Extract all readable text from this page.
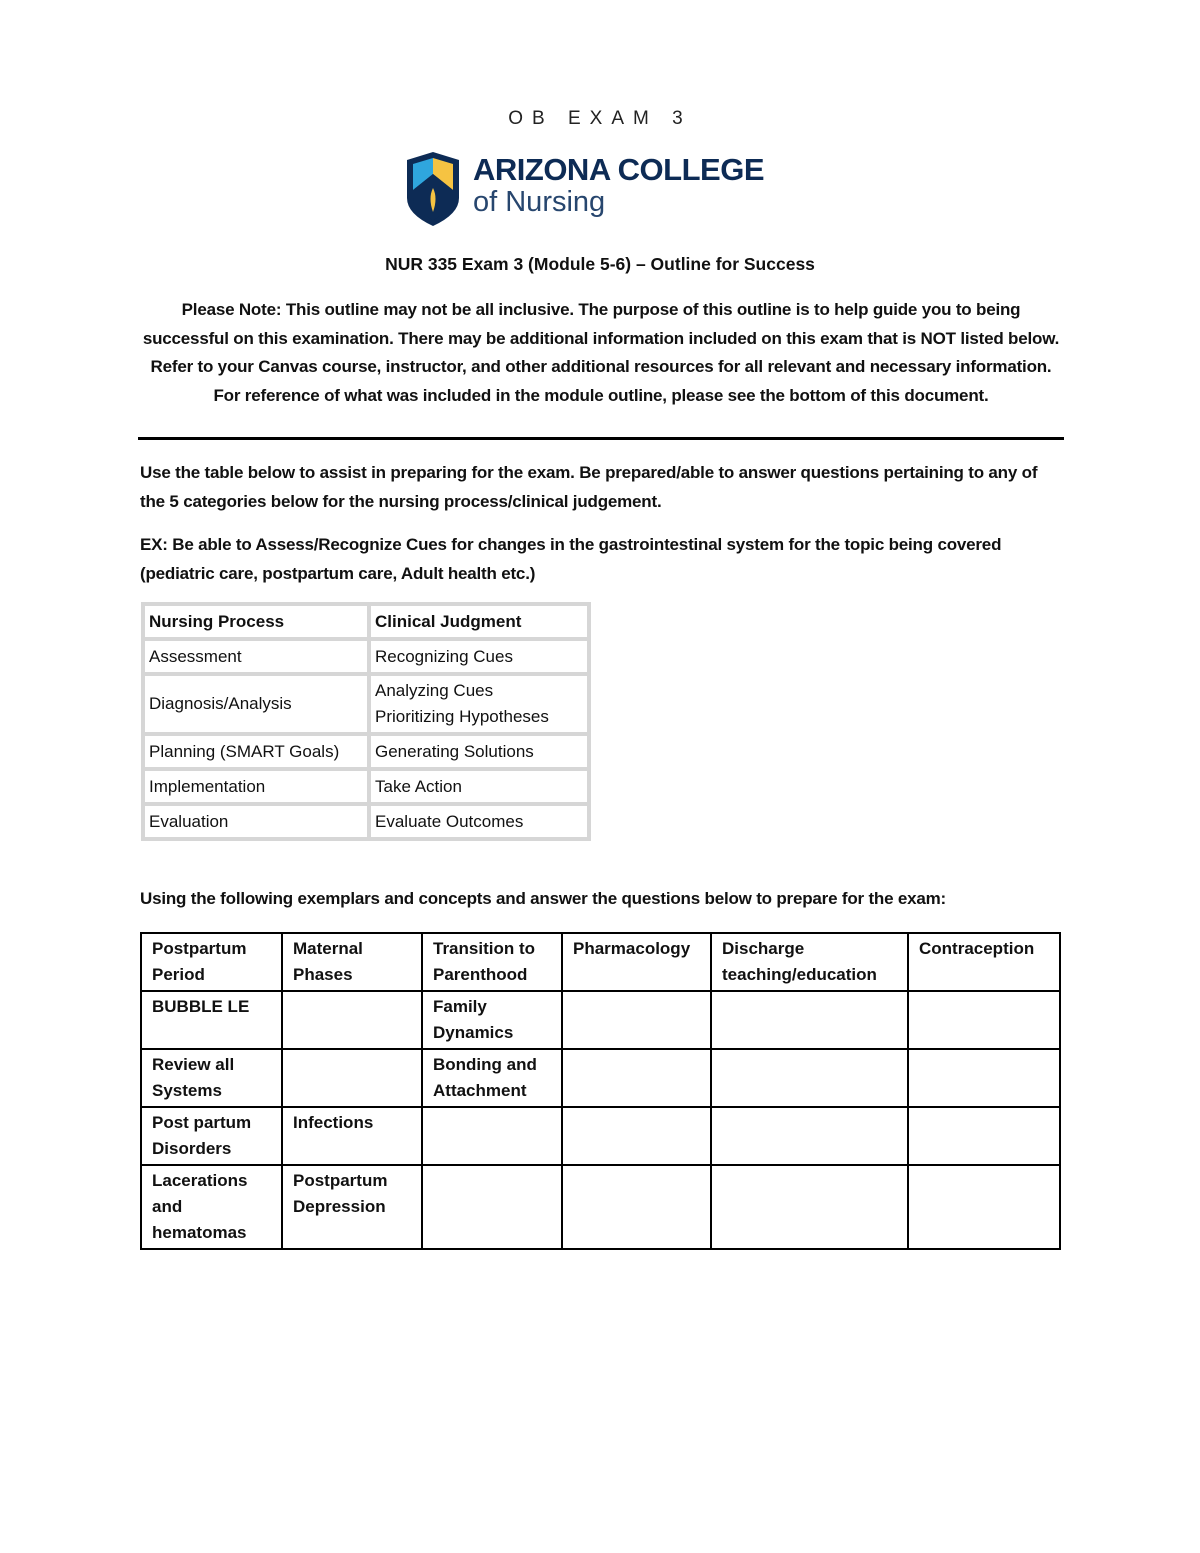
OB EXAM 3
ARIZONA COLLEGE
of Nursing
NUR 335 Exam 3 (Module 5-6) – Outline for Success
Please Note: This outline may not be all inclusive. The purpose of this outline is to help guide you to being successful on this examination. There may be additional information included on this exam that is NOT listed below. Refer to your Canvas course, instructor, and other additional resources for all relevant and necessary information. For reference of what was included in the module outline, please see the bottom of this document.
Use the table below to assist in preparing for the exam. Be prepared/able to answer questions pertaining to any of the 5 categories below for the nursing process/clinical judgement.
EX: Be able to Assess/Recognize Cues for changes in the gastrointestinal system for the topic being covered (pediatric care, postpartum care, Adult health etc.)
Nursing Process	Clinical Judgment
Assessment	Recognizing Cues
Diagnosis/Analysis	Analyzing Cues
Prioritizing Hypotheses

Planning (SMART Goals)	Generating Solutions
Implementation	Take Action
Evaluation	Evaluate Outcomes
Using the following exemplars and concepts and answer the questions below to prepare for the exam:
Postpartum Period	Maternal Phases	Transition to Parenthood	Pharmacology	Discharge teaching/education	Contraception
BUBBLE LE		Family Dynamics			
Review all Systems		Bonding and Attachment			
Post partum Disorders	Infections				
Lacerations and hematomas	Postpartum Depression				
